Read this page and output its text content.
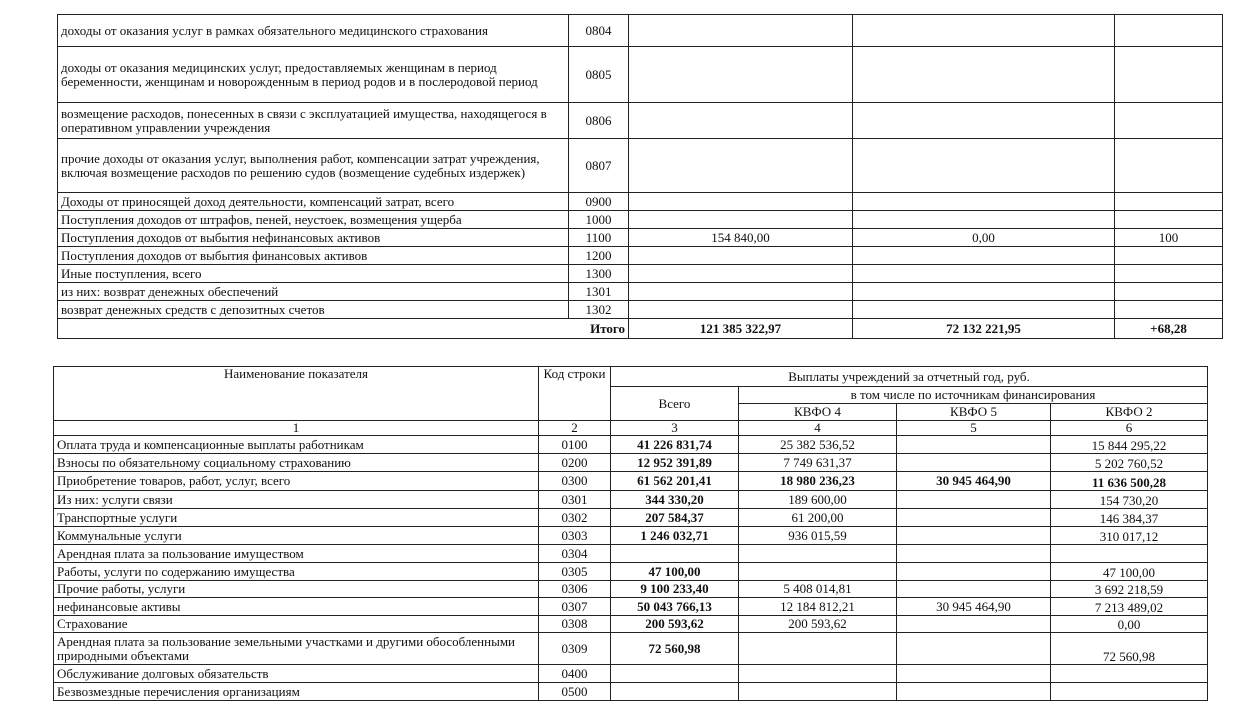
доходы от оказания услуг в рамках обязательного медицинского страхования	0804			
доходы от оказания медицинских услуг, предоставляемых женщинам в период беременности, женщинам и новорожденным в период родов и в послеродовой период	0805			
возмещение расходов, понесенных в связи с эксплуатацией имущества, находящегося в оперативном управлении учреждения	0806			
прочие доходы от оказания услуг, выполнения работ, компенсации затрат учреждения, включая возмещение расходов по решению судов (возмещение судебных издержек)	0807			
Доходы от приносящей доход деятельности, компенсаций затрат, всего	0900			
Поступления доходов от штрафов, пеней, неустоек, возмещения ущерба	1000			
Поступления доходов от выбытия нефинансовых активов	1100	154 840,00	0,00	100
Поступления доходов от выбытия финансовых активов	1200			
Иные поступления, всего	1300			
из них: возврат денежных обеспечений	1301			
возврат денежных средств с депозитных счетов	1302			
Итого		121 385 322,97	72 132 221,95	+68,28
Наименование показателя	Код строки	Выплаты учреждений за отчетный год, руб.			
		Всего	в том числе по источникам финансирования		
			КВФО 4	КВФО 5	КВФО 2
1	2	3	4	5	6
Оплата труда и компенсационные выплаты работникам	0100	41 226 831,74	25 382 536,52		15 844 295,22
Взносы по обязательному социальному страхованию	0200	12 952 391,89	7 749 631,37		5 202 760,52
Приобретение товаров, работ, услуг, всего	0300	61 562 201,41	18 980 236,23	30 945 464,90	11 636 500,28
Из них: услуги связи	0301	344 330,20	189 600,00		154 730,20
Транспортные услуги	0302	207 584,37	61 200,00		146 384,37
Коммунальные услуги	0303	1 246 032,71	936 015,59		310 017,12
Арендная плата за пользование имуществом	0304				
Работы, услуги по содержанию имущества	0305	47 100,00			47 100,00
Прочие работы, услуги	0306	9 100 233,40	5 408 014,81		3 692 218,59
нефинансовые активы	0307	50 043 766,13	12 184 812,21	30 945 464,90	7 213 489,02
Страхование	0308	200 593,62	200 593,62		0,00
Арендная плата за пользование земельными участками и другими обособленными природными объектами	0309	72 560,98			72 560,98
Обслуживание долговых обязательств	0400				
Безвозмездные перечисления организациям	0500				
